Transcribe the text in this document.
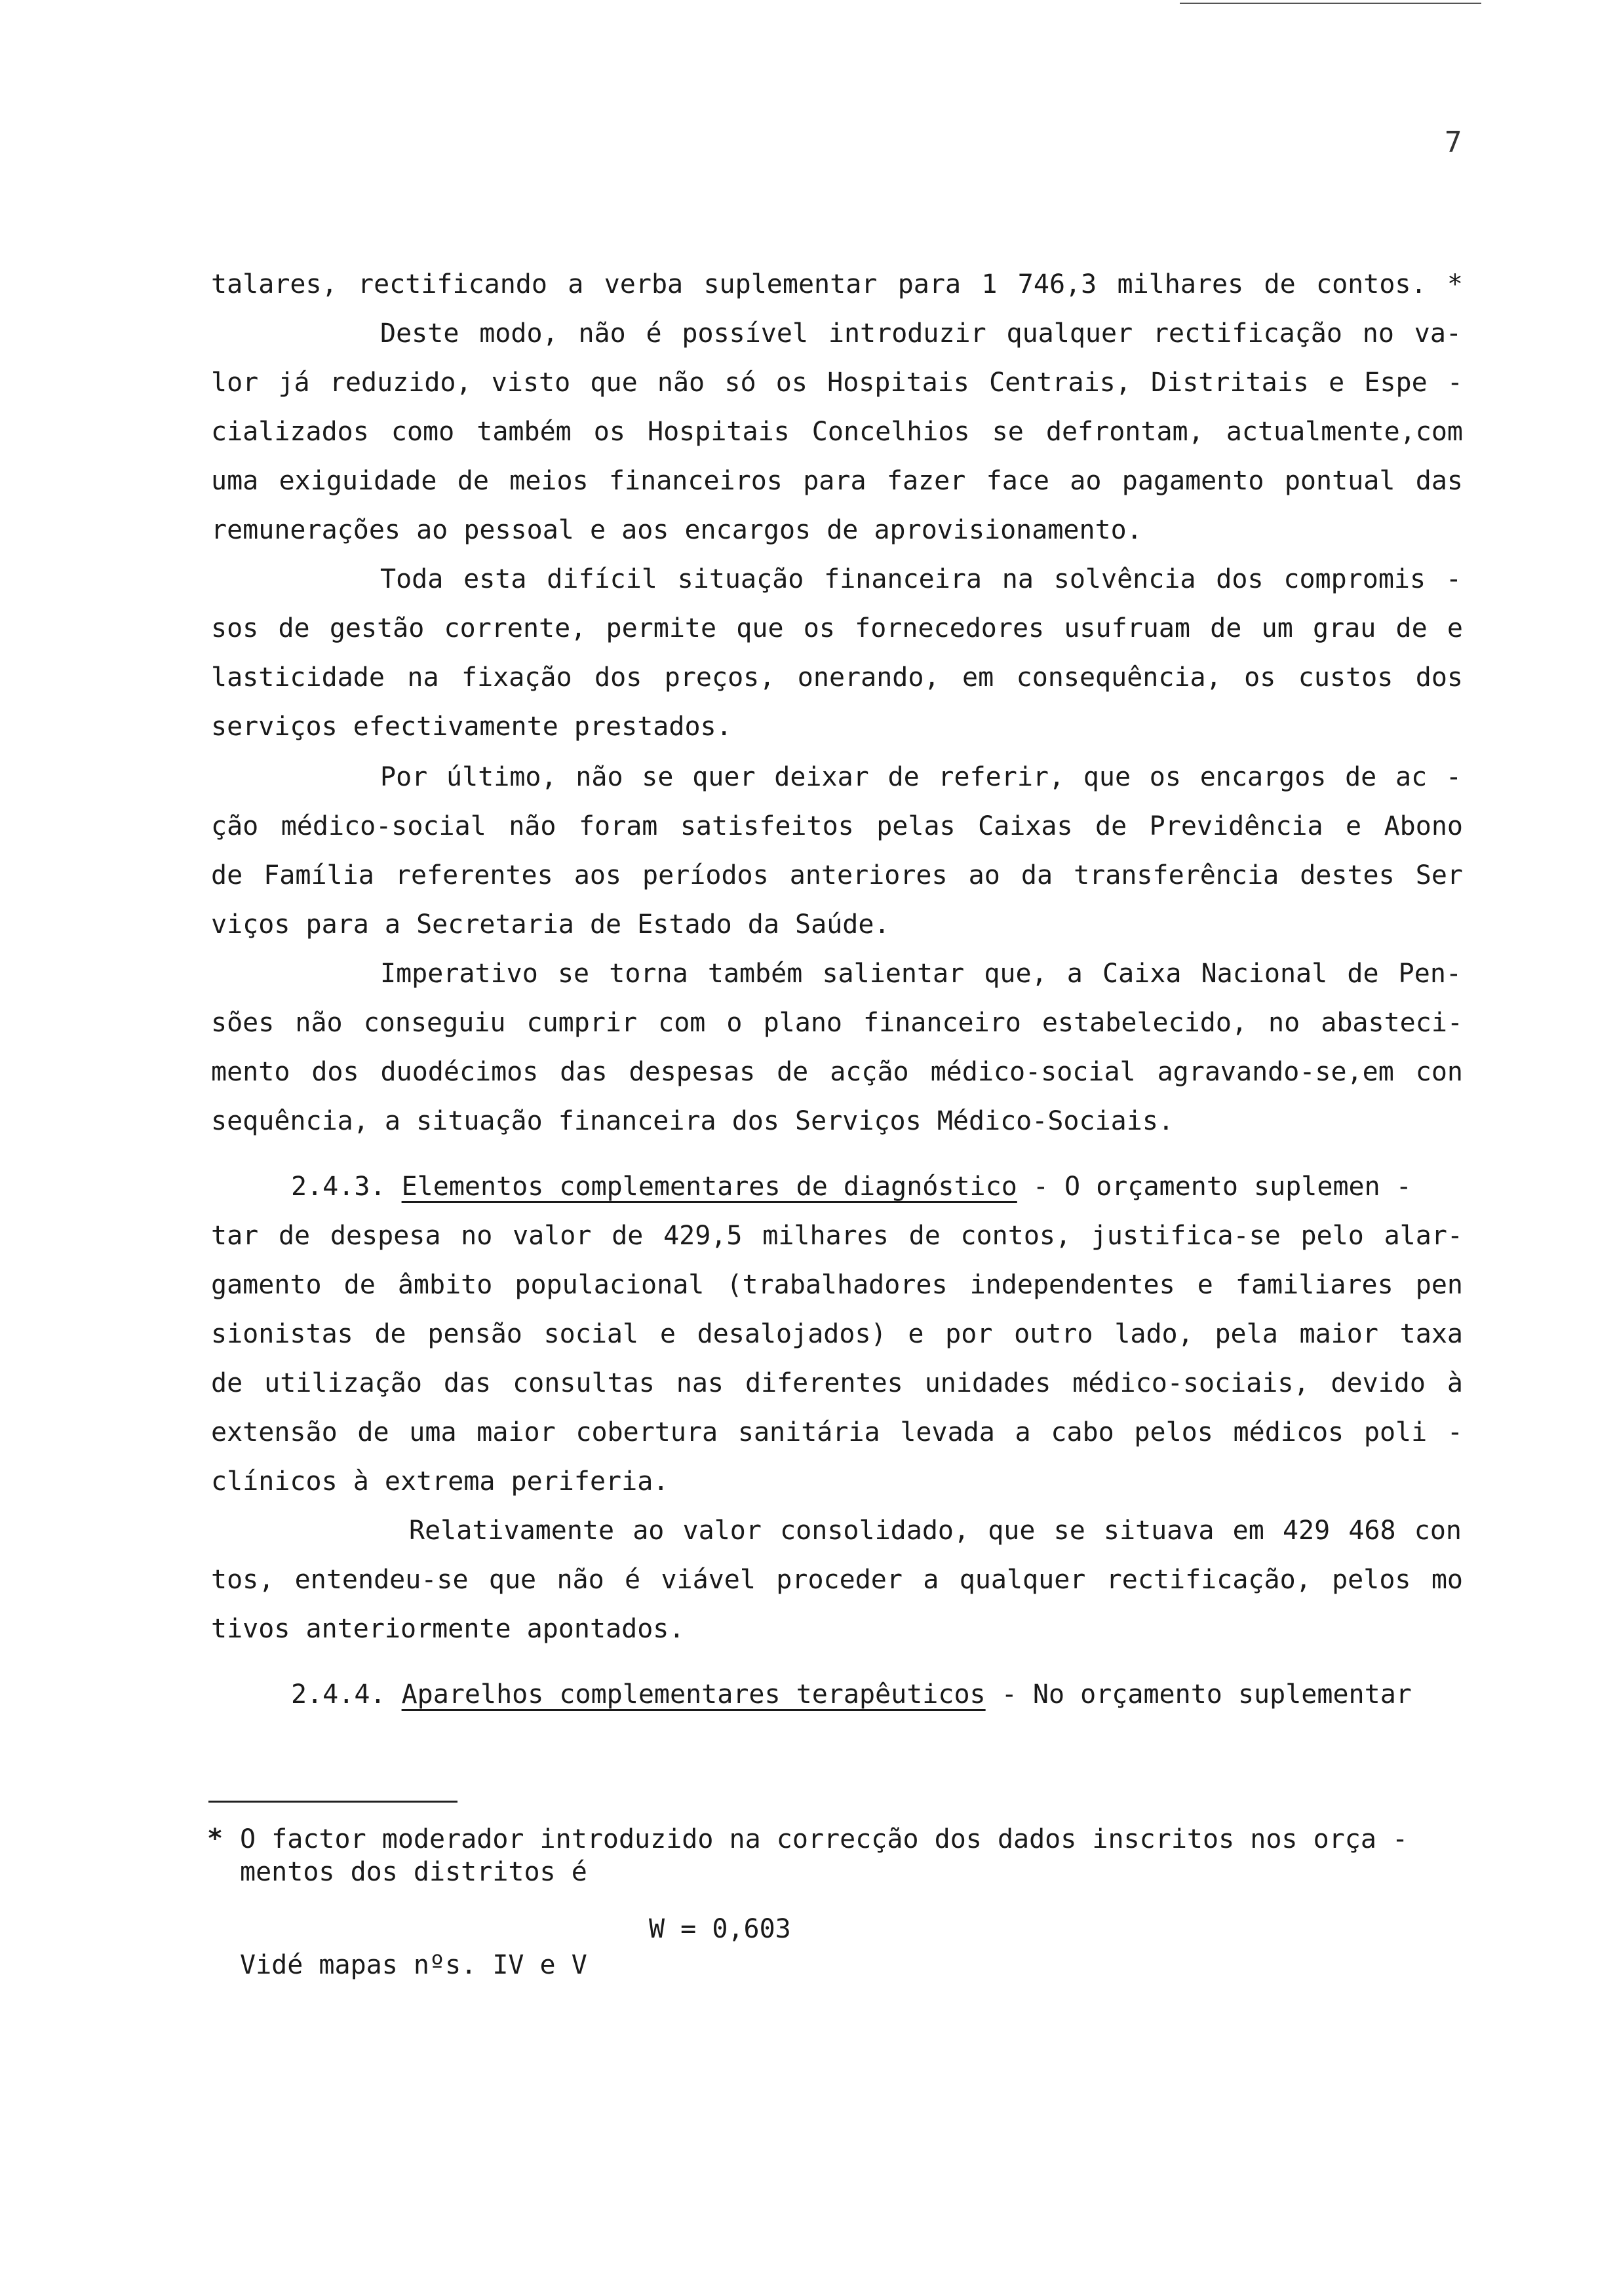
7
talares, rectificando a verba suplementar para 1 746,3 milhares de contos. *
Deste modo, não é possível introduzir qualquer rectificação no va-
lor já reduzido, visto que não só os Hospitais Centrais, Distritais e Espe -
cializados como também os Hospitais Concelhios se defrontam, actualmente,com
uma exiguidade de meios financeiros para fazer face ao pagamento pontual das
remunerações ao pessoal e aos encargos de aprovisionamento.
Toda esta difícil situação financeira na solvência dos compromis -
sos de gestão corrente, permite que os fornecedores usufruam de um grau de e
lasticidade na fixação dos preços, onerando, em consequência, os custos dos
serviços efectivamente prestados.
Por último, não se quer deixar de referir, que os encargos de ac -
ção médico-social não foram satisfeitos pelas Caixas de Previdência e Abono
de Família referentes aos períodos anteriores ao da transferência destes Ser
viços para a Secretaria de Estado da Saúde.
Imperativo se torna também salientar que, a Caixa Nacional de Pen-
sões não conseguiu cumprir com o plano financeiro estabelecido, no abasteci-
mento dos duodécimos das despesas de acção médico-social agravando-se,em con
sequência, a situação financeira dos Serviços Médico-Sociais.
2.4.3. Elementos complementares de diagnóstico - O orçamento suplemen -
tar de despesa no valor de 429,5 milhares de contos, justifica-se pelo alar-
gamento de âmbito populacional (trabalhadores independentes e familiares pen
sionistas de pensão social e desalojados) e por outro lado, pela maior taxa
de utilização das consultas nas diferentes unidades médico-sociais, devido à
extensão de uma maior cobertura sanitária levada a cabo pelos médicos poli -
clínicos à extrema periferia.
Relativamente ao valor consolidado, que se situava em 429 468 con
tos, entendeu-se que não é viável proceder a qualquer rectificação, pelos mo
tivos anteriormente apontados.
2.4.4. Aparelhos complementares terapêuticos - No orçamento suplementar
* O factor moderador introduzido na correcção dos dados inscritos nos orça -
mentos dos distritos é
W = 0,603
Vidé mapas nºs. IV e V
